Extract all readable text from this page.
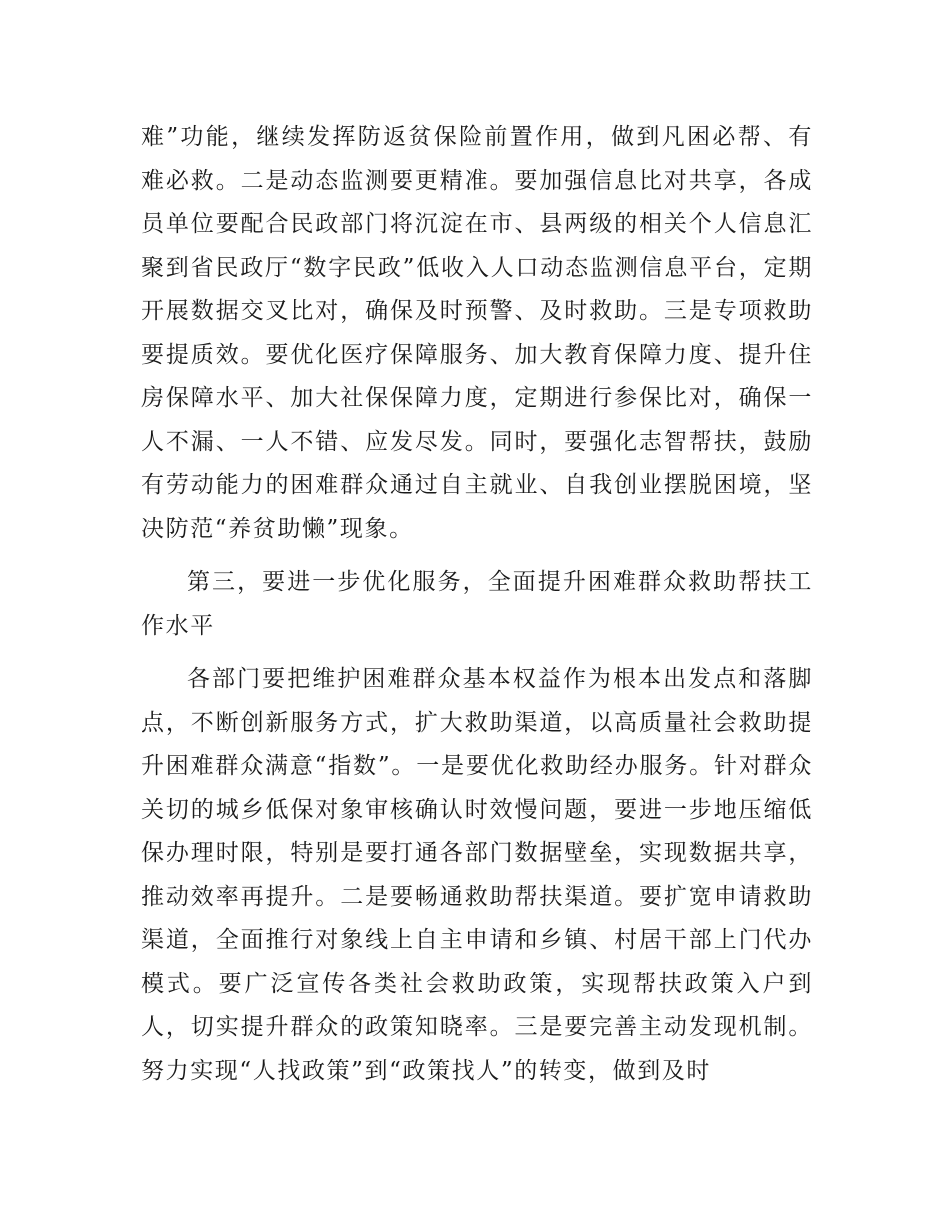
难”功能，继续发挥防返贫保险前置作用，做到凡困必帮、有难必救。二是动态监测要更精准。要加强信息比对共享，各成员单位要配合民政部门将沉淀在市、县两级的相关个人信息汇聚到省民政厅“数字民政”低收入人口动态监测信息平台，定期开展数据交叉比对，确保及时预警、及时救助。三是专项救助要提质效。要优化医疗保障服务、加大教育保障力度、提升住房保障水平、加大社保保障力度，定期进行参保比对，确保一人不漏、一人不错、应发尽发。同时，要强化志智帮扶，鼓励有劳动能力的困难群众通过自主就业、自我创业摆脱困境，坚决防范“养贫助懒”现象。

第三，要进一步优化服务，全面提升困难群众救助帮扶工作水平

各部门要把维护困难群众基本权益作为根本出发点和落脚点，不断创新服务方式，扩大救助渠道，以高质量社会救助提升困难群众满意“指数”。一是要优化救助经办服务。针对群众关切的城乡低保对象审核确认时效慢问题，要进一步地压缩低保办理时限，特别是要打通各部门数据壁垒，实现数据共享，推动效率再提升。二是要畅通救助帮扶渠道。要扩宽申请救助渠道，全面推行对象线上自主申请和乡镇、村居干部上门代办模式。要广泛宣传各类社会救助政策，实现帮扶政策入户到人，切实提升群众的政策知晓率。三是要完善主动发现机制。努力实现“人找政策”到“政策找人”的转变，做到及时
